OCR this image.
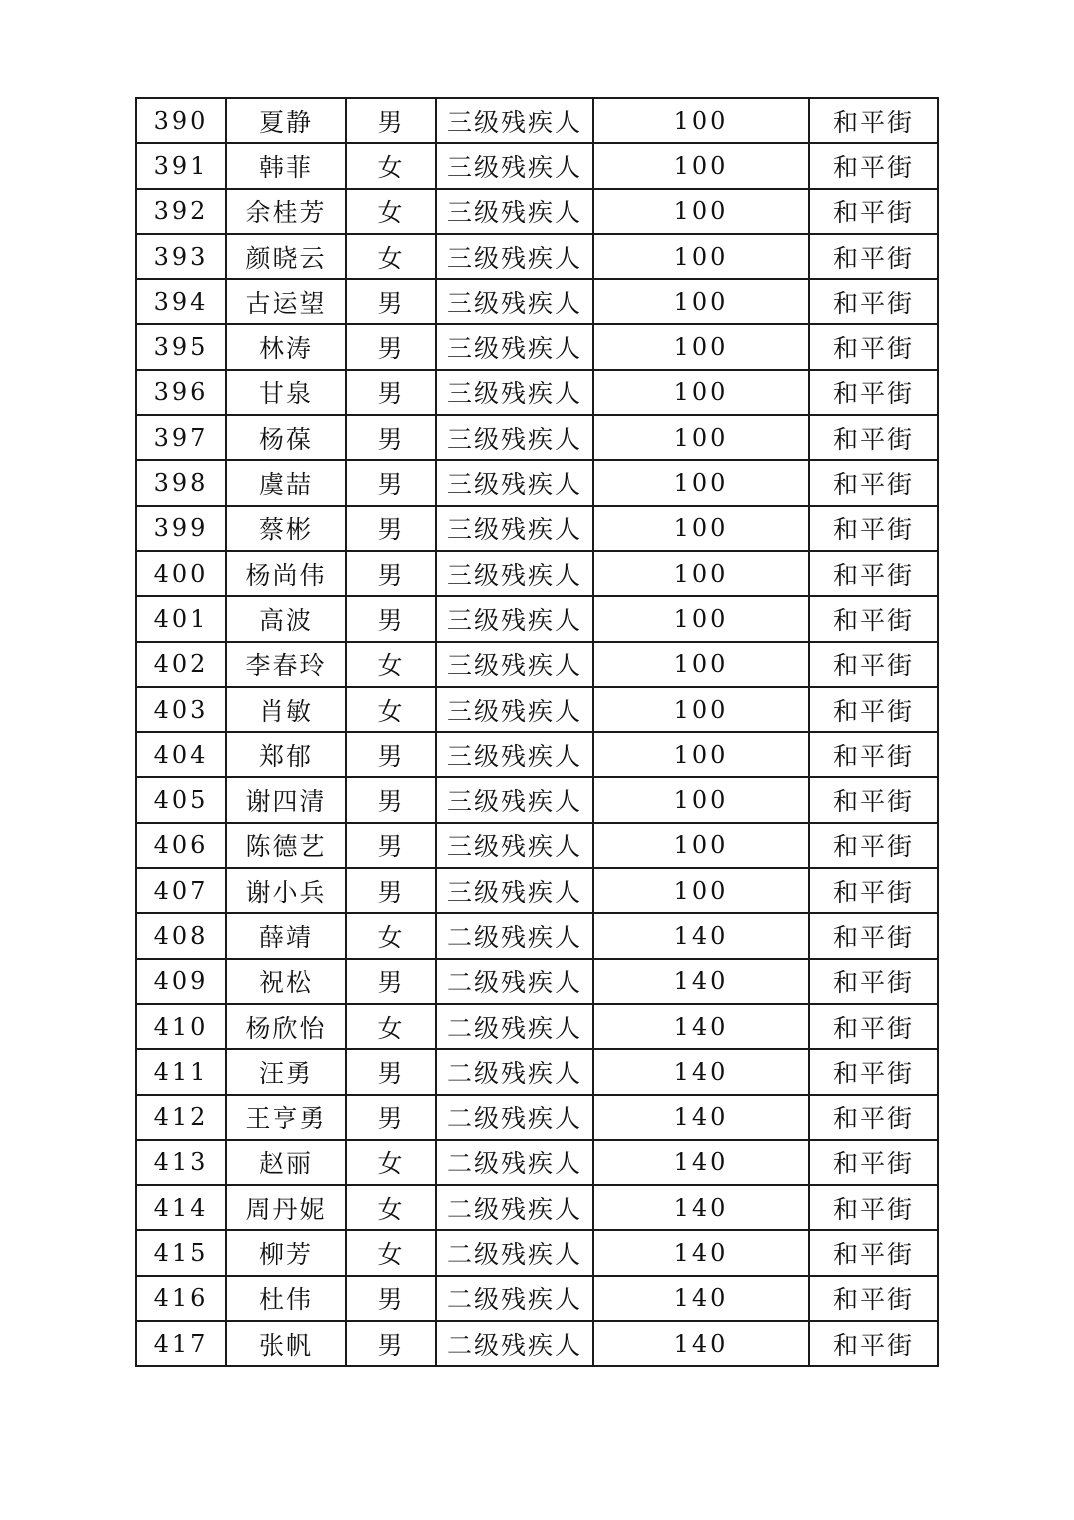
390	夏静	男	三级残疾人	100	和平街
391	韩菲	女	三级残疾人	100	和平街
392	余桂芳	女	三级残疾人	100	和平街
393	颜晓云	女	三级残疾人	100	和平街
394	古运望	男	三级残疾人	100	和平街
395	林涛	男	三级残疾人	100	和平街
396	甘泉	男	三级残疾人	100	和平街
397	杨葆	男	三级残疾人	100	和平街
398	虞喆	男	三级残疾人	100	和平街
399	蔡彬	男	三级残疾人	100	和平街
400	杨尚伟	男	三级残疾人	100	和平街
401	高波	男	三级残疾人	100	和平街
402	李春玲	女	三级残疾人	100	和平街
403	肖敏	女	三级残疾人	100	和平街
404	郑郁	男	三级残疾人	100	和平街
405	谢四清	男	三级残疾人	100	和平街
406	陈德艺	男	三级残疾人	100	和平街
407	谢小兵	男	三级残疾人	100	和平街
408	薛靖	女	二级残疾人	140	和平街
409	祝松	男	二级残疾人	140	和平街
410	杨欣怡	女	二级残疾人	140	和平街
411	汪勇	男	二级残疾人	140	和平街
412	王亨勇	男	二级残疾人	140	和平街
413	赵丽	女	二级残疾人	140	和平街
414	周丹妮	女	二级残疾人	140	和平街
415	柳芳	女	二级残疾人	140	和平街
416	杜伟	男	二级残疾人	140	和平街
417	张帆	男	二级残疾人	140	和平街
